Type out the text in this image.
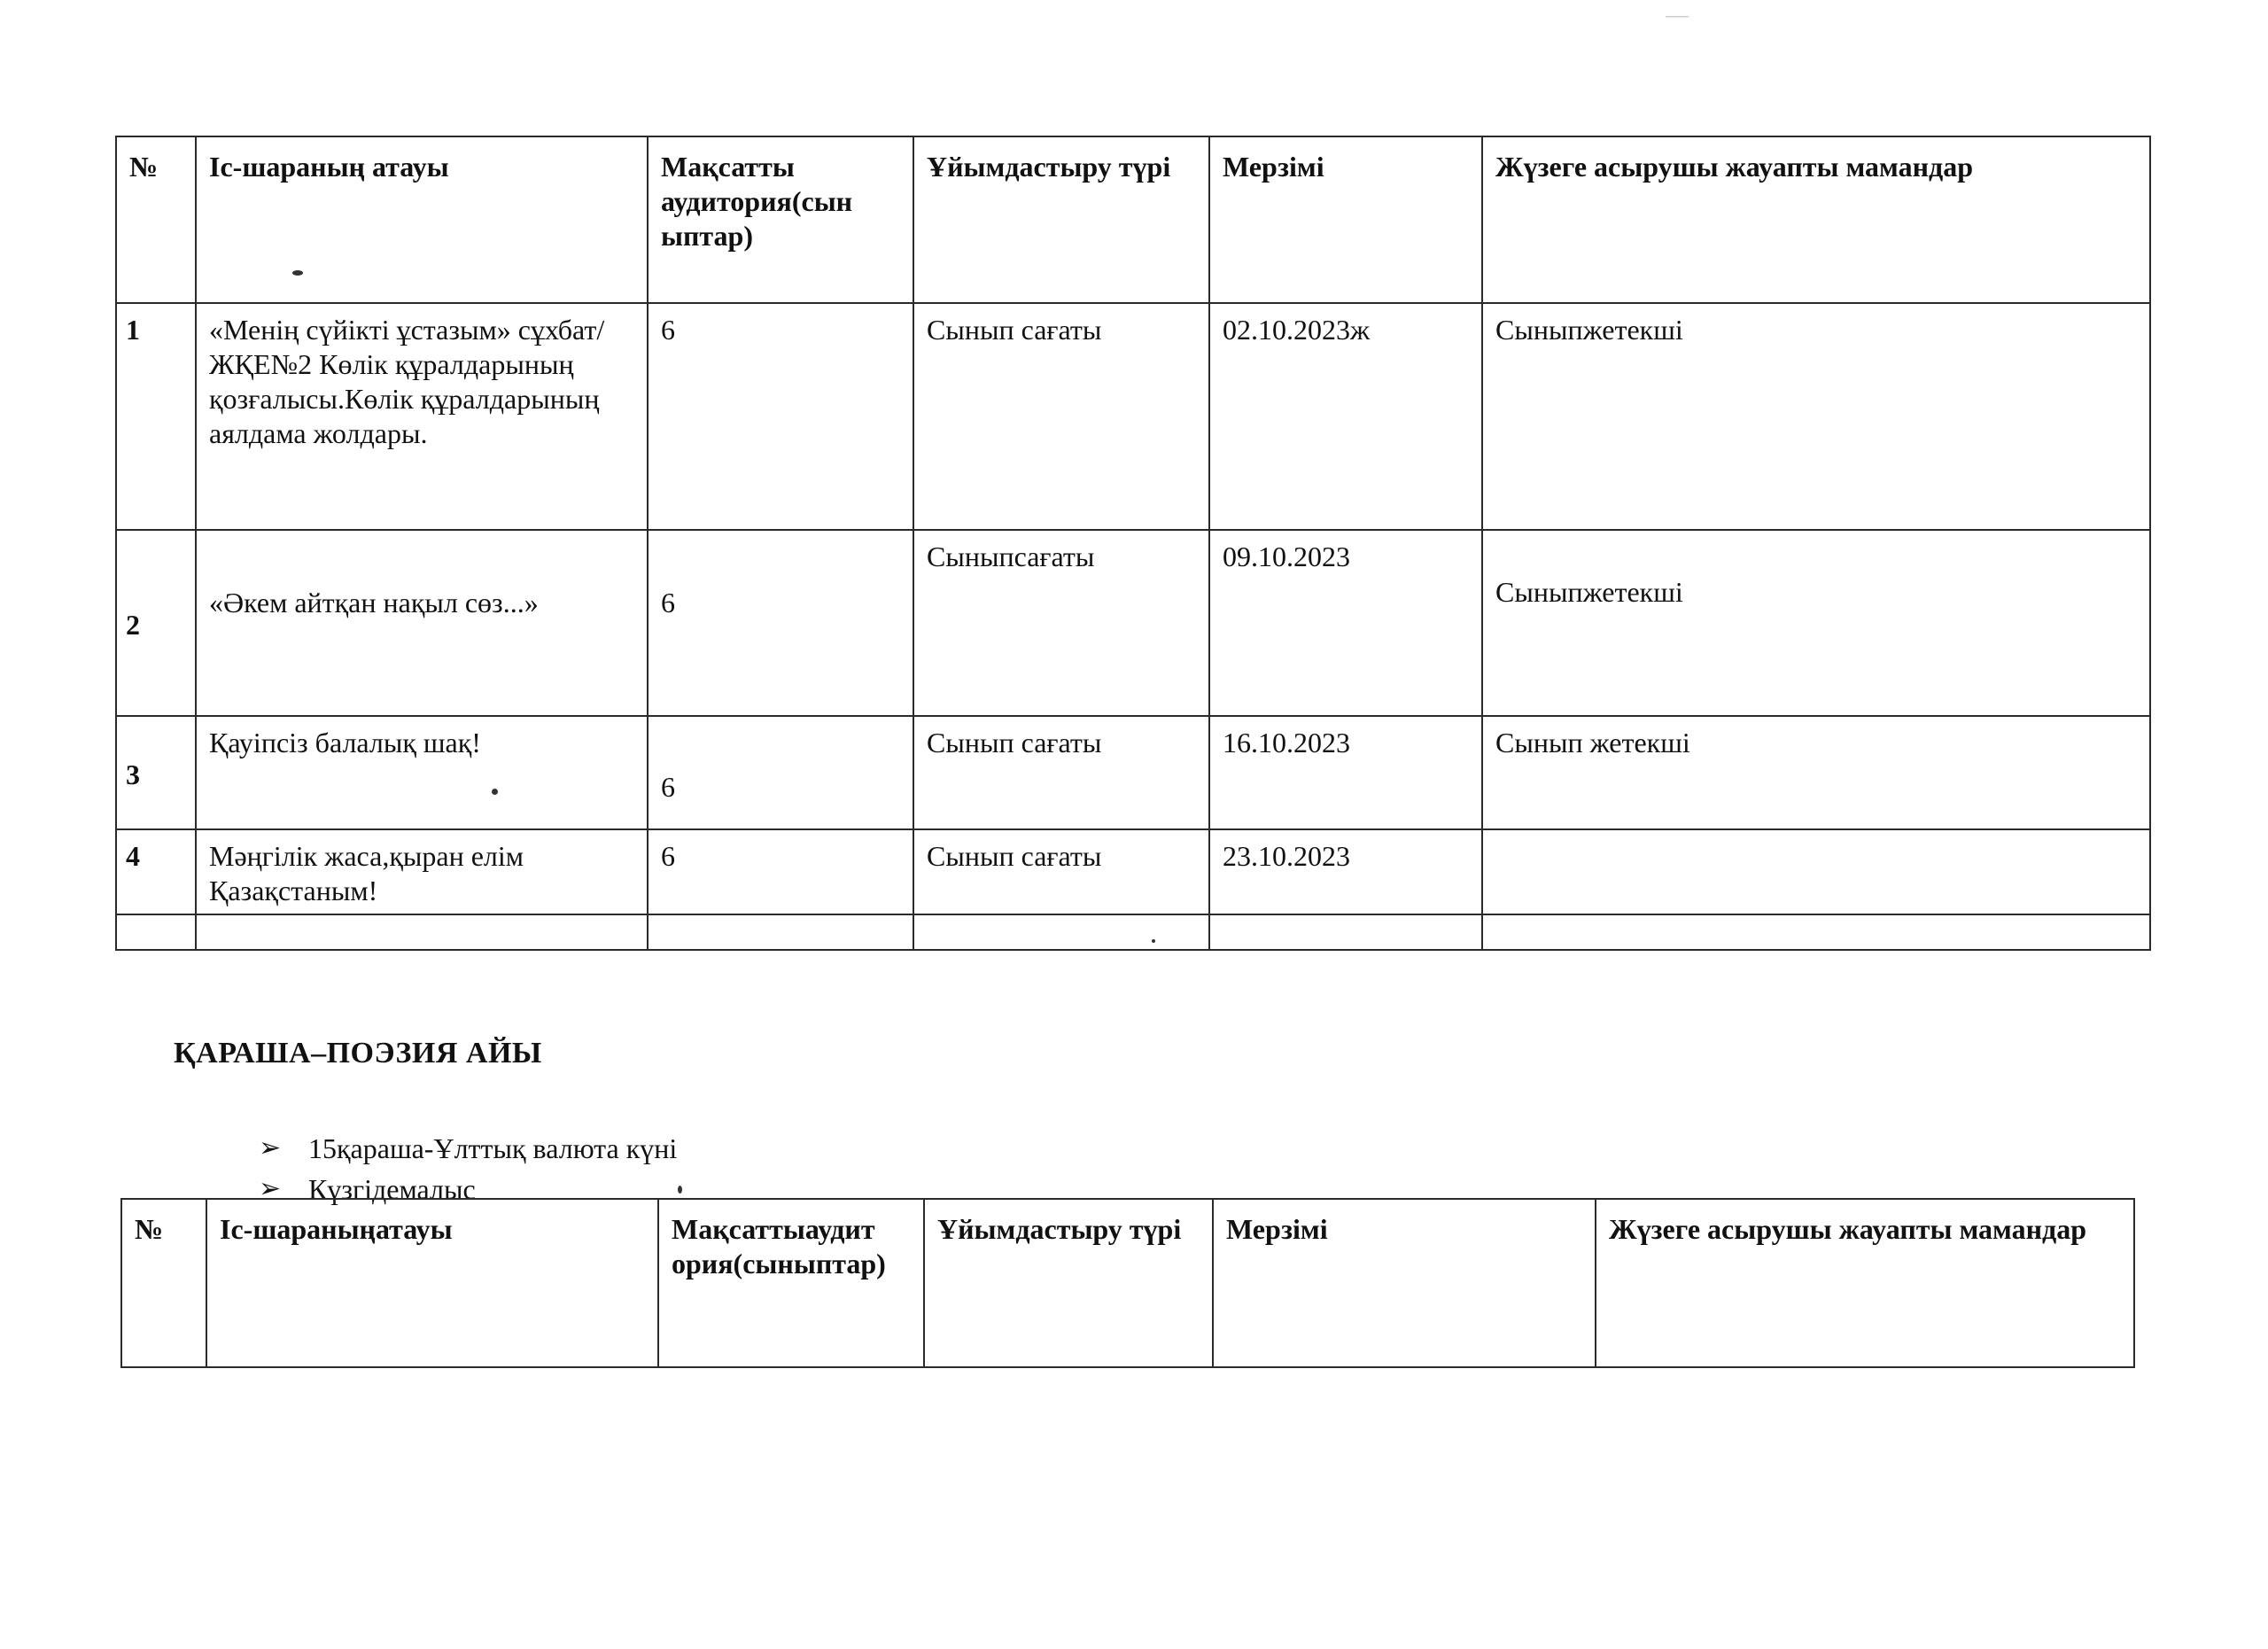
—
№	Іс-шараның атауы	Мақсатты аудитория(сын ыптар)	Ұйымдастыру түрі	Мерзімі	Жүзеге асырушы жауапты мамандар
1	«Менің сүйікті ұстазым» сұхбат/ЖҚЕ№2 Көлік құралдарының қозғалысы.Көлік құралдарының аялдама жолдары.	6	Сынып сағаты	02.10.2023ж	Сыныпжетекші
2	«Әкем айтқан нақыл сөз...»	6	Сыныпсағаты	09.10.2023	Сыныпжетекші
3	Қауіпсіз балалық шақ!	6	Сынып сағаты	16.10.2023	Сынып жетекші
4	Мәңгілік жаса,қыран елім Қазақстаным!	6	Сынып сағаты	23.10.2023	

ҚАРАША–ПОЭЗИЯ АЙЫ
➢ 15қараша-Ұлттық валюта күні
➢ Күзгідемалыс
№	Іс-шараныңатауы	Мақсаттыаудит ория(сыныптар)	Ұйымдастыру түрі	Мерзімі	Жүзеге асырушы жауапты мамандар
